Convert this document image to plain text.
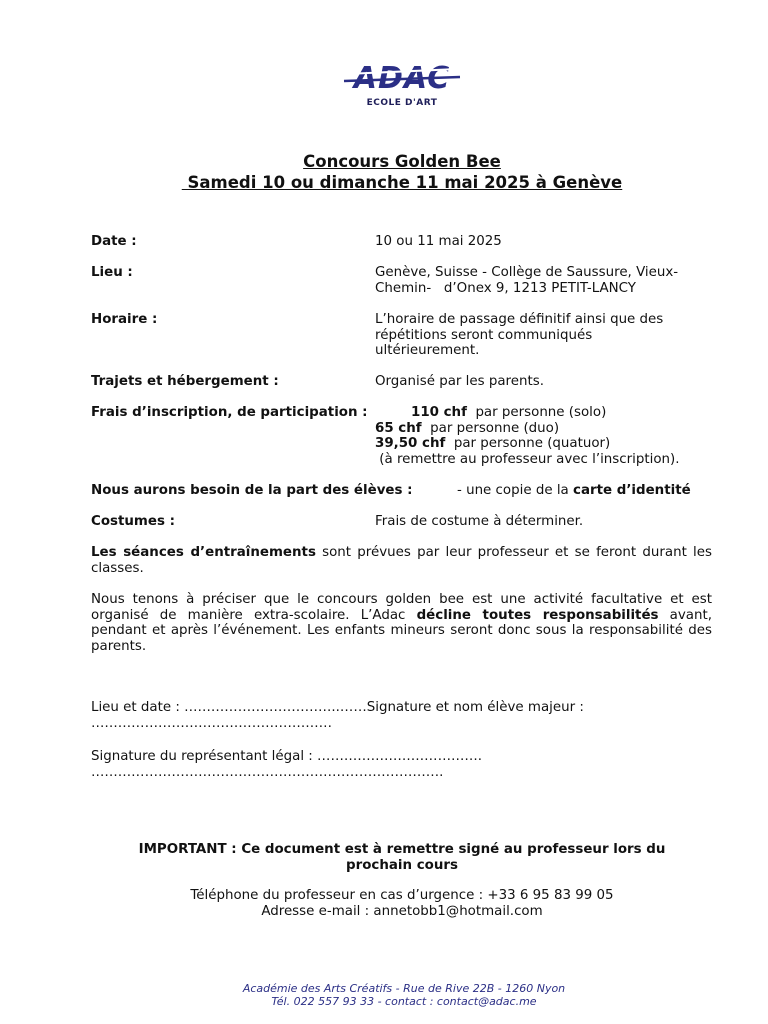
ADAC
ECOLE D'ART
Concours Golden Bee
Samedi 10 ou dimanche 11 mai 2025 à Genève
Date :	10 ou 11 mai 2025
Lieu :	Genève, Suisse - Collège de Saussure, Vieux-
Chemin-   d’Onex 9, 1213 PETIT-LANCY
Horaire :	L’horaire de passage définitif ainsi que des
répétitions seront communiqués
ultérieurement.
Trajets et hébergement :	Organisé par les parents.
Frais d’inscription, de participation :	110 chf par personne (solo)
65 chf par personne (duo)
39,50 chf par personne (quatuor)
(à remettre au professeur avec l’inscription).
Nous aurons besoin de la part des élèves :	- une copie de la carte d’identité
Costumes :	Frais de costume à déterminer.
Les séances d’entraînements sont prévues par leur professeur et se feront durant les classes.
Nous tenons à préciser que le concours golden bee est une activité facultative et est organisé de manière extra-scolaire. L’Adac décline toutes responsabilités avant, pendant et après l’événement. Les enfants mineurs seront donc sous la responsabilité des parents.
Lieu et date : ……………………………..……Signature et nom élève majeur :
………………………………………………
Signature du représentant légal : ……………………………….
…………………………………………………………………….
IMPORTANT : Ce document est à remettre signé au professeur lors du
prochain cours
Téléphone du professeur en cas d’urgence : +33 6 95 83 99 05
Adresse e-mail : annetobb1@hotmail.com
Académie des Arts Créatifs - Rue de Rive 22B - 1260 Nyon
Tél. 022 557 93 33 - contact : contact@adac.me
